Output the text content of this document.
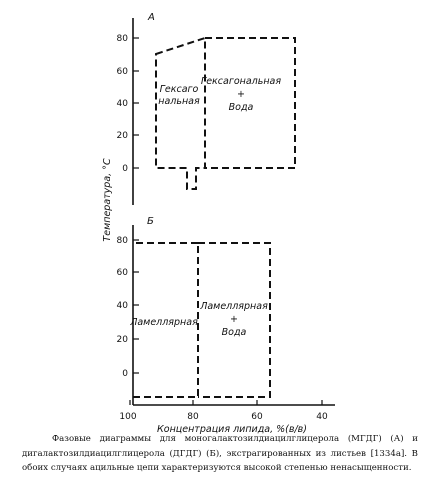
А
80
60
40
20
0
Гексаго
нальная
Гексагональная
+
Вода
Температура, °С	Б
80
60
40
20
0
Ламеллярная
Ламеллярная
+
Вода
100	80	60	40
Концентрация липида, %(в/в)

Фазовые диаграммы для моногалактозилдиацилглицерола (МГДГ) (А) и дигалактозилдиацилглицерола (ДГДГ) (Б), экстрагированных из листьев [1334а]. В обоих случаях ацильные цепи характеризуются высокой степенью ненасыщенности.
